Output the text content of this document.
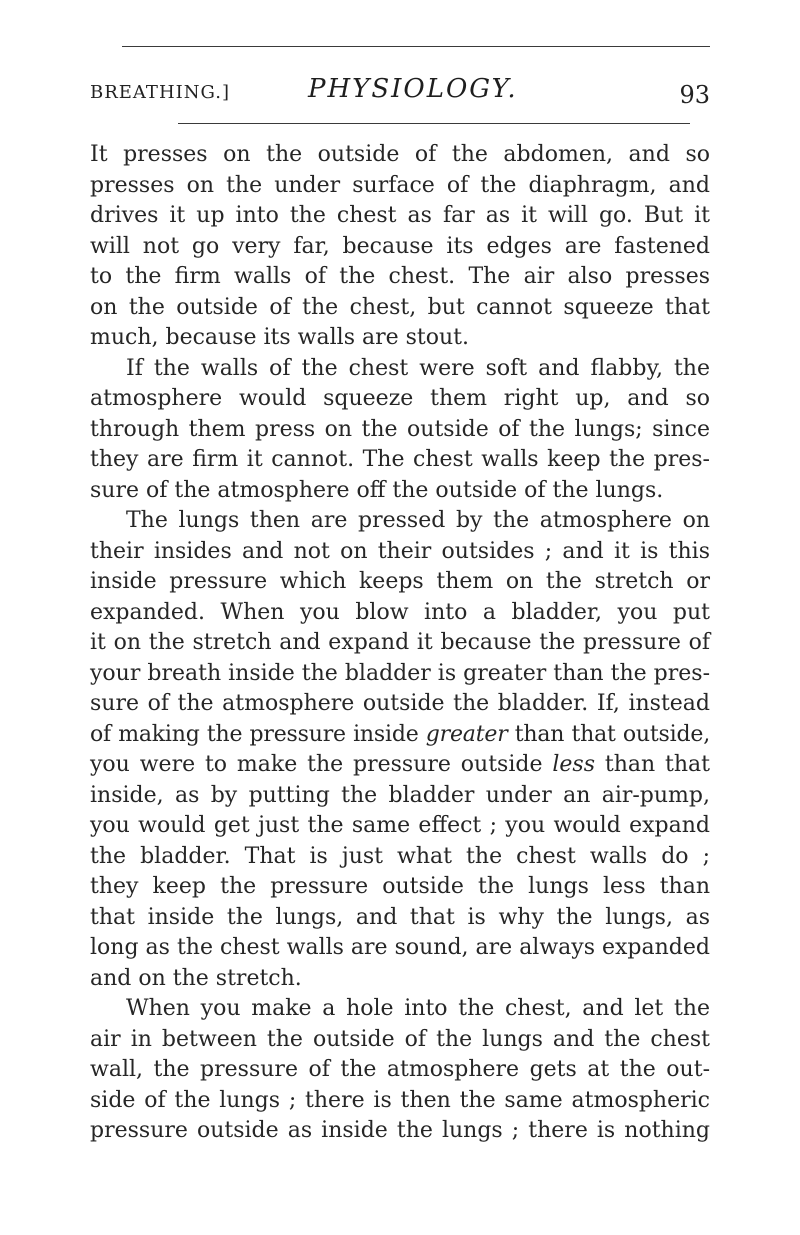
BREATHING.]	PHYSIOLOGY.	93
It presses on the outside of the abdomen, and so
presses on the under surface of the diaphragm, and
drives it up into the chest as far as it will go. But it
will not go very far, because its edges are fastened
to the firm walls of the chest. The air also presses
on the outside of the chest, but cannot squeeze that
much, because its walls are stout.
If the walls of the chest were soft and flabby, the
atmosphere would squeeze them right up, and so
through them press on the outside of the lungs; since
they are firm it cannot. The chest walls keep the pres-
sure of the atmosphere off the outside of the lungs.
The lungs then are pressed by the atmosphere on
their insides and not on their outsides ; and it is this
inside pressure which keeps them on the stretch or
expanded. When you blow into a bladder, you put
it on the stretch and expand it because the pressure of
your breath inside the bladder is greater than the pres-
sure of the atmosphere outside the bladder. If, instead
of making the pressure inside greater than that outside,
you were to make the pressure outside less than that
inside, as by putting the bladder under an air-pump,
you would get just the same effect ; you would expand
the bladder. That is just what the chest walls do ;
they keep the pressure outside the lungs less than
that inside the lungs, and that is why the lungs, as
long as the chest walls are sound, are always expanded
and on the stretch.
When you make a hole into the chest, and let the
air in between the outside of the lungs and the chest
wall, the pressure of the atmosphere gets at the out-
side of the lungs ; there is then the same atmospheric
pressure outside as inside the lungs ; there is nothing
